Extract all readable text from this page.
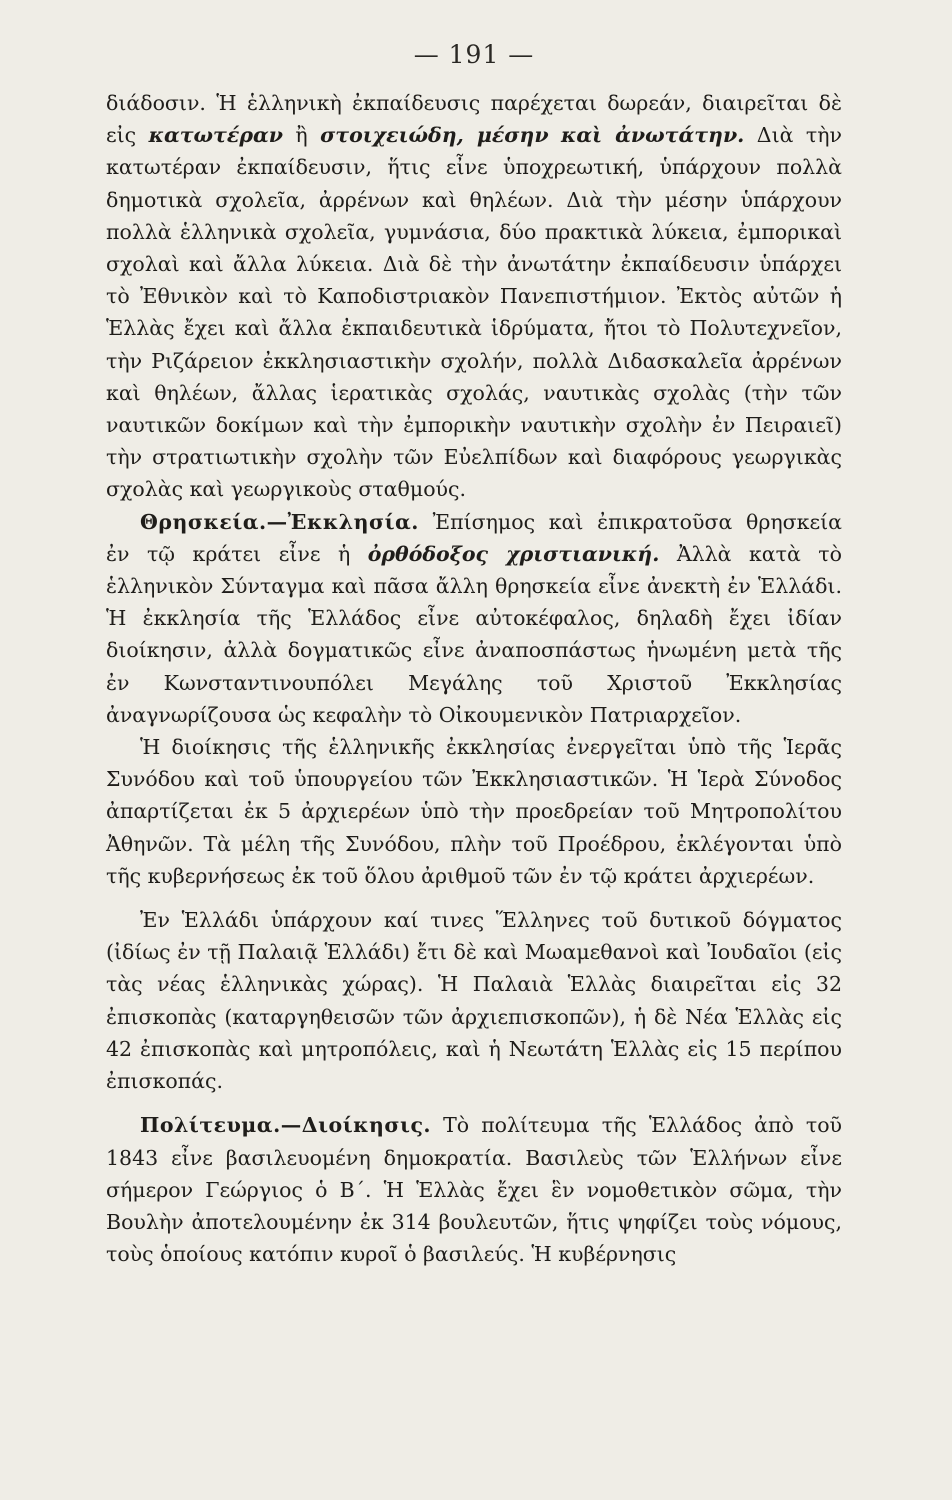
— 191 —

διάδοσιν. Ἡ ἑλληνικὴ ἐκπαίδευσις παρέχεται δωρεάν, διαιρεῖται δὲ εἰς κατωτέραν ἢ στοιχειώδη, μέσην καὶ ἀνωτάτην. Διὰ τὴν κατωτέραν ἐκπαίδευσιν, ἥτις εἶνε ὑποχρεωτική, ὑπάρχουν πολλὰ δημοτικὰ σχολεῖα, ἀρρένων καὶ θηλέων. Διὰ τὴν μέσην ὑπάρχουν πολλὰ ἑλληνικὰ σχολεῖα, γυμνάσια, δύο πρακτικὰ λύκεια, ἐμπορικαὶ σχολαὶ καὶ ἄλλα λύκεια. Διὰ δὲ τὴν ἀνωτάτην ἐκπαίδευσιν ὑπάρχει τὸ Ἐθνικὸν καὶ τὸ Καποδιστριακὸν Πανεπιστήμιον. Ἐκτὸς αὐτῶν ἡ Ἑλλὰς ἔχει καὶ ἄλλα ἐκπαιδευτικὰ ἱδρύματα, ἤτοι τὸ Πολυτεχνεῖον, τὴν Ριζάρειον ἐκκλησιαστικὴν σχολήν, πολλὰ Διδασκαλεῖα ἀρρένων καὶ θηλέων, ἄλλας ἱερατικὰς σχολάς, ναυτικὰς σχολὰς (τὴν τῶν ναυτικῶν δοκίμων καὶ τὴν ἐμπορικὴν ναυτικὴν σχολὴν ἐν Πειραιεῖ) τὴν στρατιωτικὴν σχολὴν τῶν Εὐελπίδων καὶ διαφόρους γεωργικὰς σχολὰς καὶ γεωργικοὺς σταθμούς.

Θρησκεία.—Ἐκκλησία. Ἐπίσημος καὶ ἐπικρατοῦσα θρησκεία ἐν τῷ κράτει εἶνε ἡ ὀρθόδοξος χριστιανική. Ἀλλὰ κατὰ τὸ ἑλληνικὸν Σύνταγμα καὶ πᾶσα ἄλλη θρησκεία εἶνε ἀνεκτὴ ἐν Ἑλλάδι. Ἡ ἐκκλησία τῆς Ἑλλάδος εἶνε αὐτοκέφαλος, δηλαδὴ ἔχει ἰδίαν διοίκησιν, ἀλλὰ δογματικῶς εἶνε ἀναποσπάστως ἡνωμένη μετὰ τῆς ἐν Κωνσταντινουπόλει Μεγάλης τοῦ Χριστοῦ Ἐκκλησίας ἀναγνωρίζουσα ὡς κεφαλὴν τὸ Οἰκουμενικὸν Πατριαρχεῖον.

Ἡ διοίκησις τῆς ἑλληνικῆς ἐκκλησίας ἐνεργεῖται ὑπὸ τῆς Ἱερᾶς Συνόδου καὶ τοῦ ὑπουργείου τῶν Ἐκκλησιαστικῶν. Ἡ Ἱερὰ Σύνοδος ἀπαρτίζεται ἐκ 5 ἀρχιερέων ὑπὸ τὴν προεδρείαν τοῦ Μητροπολίτου Ἀθηνῶν. Τὰ μέλη τῆς Συνόδου, πλὴν τοῦ Προέδρου, ἐκλέγονται ὑπὸ τῆς κυβερνήσεως ἐκ τοῦ ὅλου ἀριθμοῦ τῶν ἐν τῷ κράτει ἀρχιερέων.

Ἐν Ἑλλάδι ὑπάρχουν καί τινες Ἕλληνες τοῦ δυτικοῦ δόγματος (ἰδίως ἐν τῇ Παλαιᾷ Ἑλλάδι) ἔτι δὲ καὶ Μωαμεθανοὶ καὶ Ἰουδαῖοι (εἰς τὰς νέας ἑλληνικὰς χώρας). Ἡ Παλαιὰ Ἑλλὰς διαιρεῖται εἰς 32 ἐπισκοπὰς (καταργηθεισῶν τῶν ἀρχιεπισκοπῶν), ἡ δὲ Νέα Ἑλλὰς εἰς 42 ἐπισκοπὰς καὶ μητροπόλεις, καὶ ἡ Νεωτάτη Ἑλλὰς εἰς 15 περίπου ἐπισκοπάς.

Πολίτευμα.—Διοίκησις. Τὸ πολίτευμα τῆς Ἑλλάδος ἀπὸ τοῦ 1843 εἶνε βασιλευομένη δημοκρατία. Βασιλεὺς τῶν Ἑλλήνων εἶνε σήμερον Γεώργιος ὁ Β΄. Ἡ Ἑλλὰς ἔχει ἓν νομοθετικὸν σῶμα, τὴν Βουλὴν ἀποτελουμένην ἐκ 314 βουλευτῶν, ἥτις ψηφίζει τοὺς νόμους, τοὺς ὁποίους κατόπιν κυροῖ ὁ βασιλεύς. Ἡ κυβέρνησις
